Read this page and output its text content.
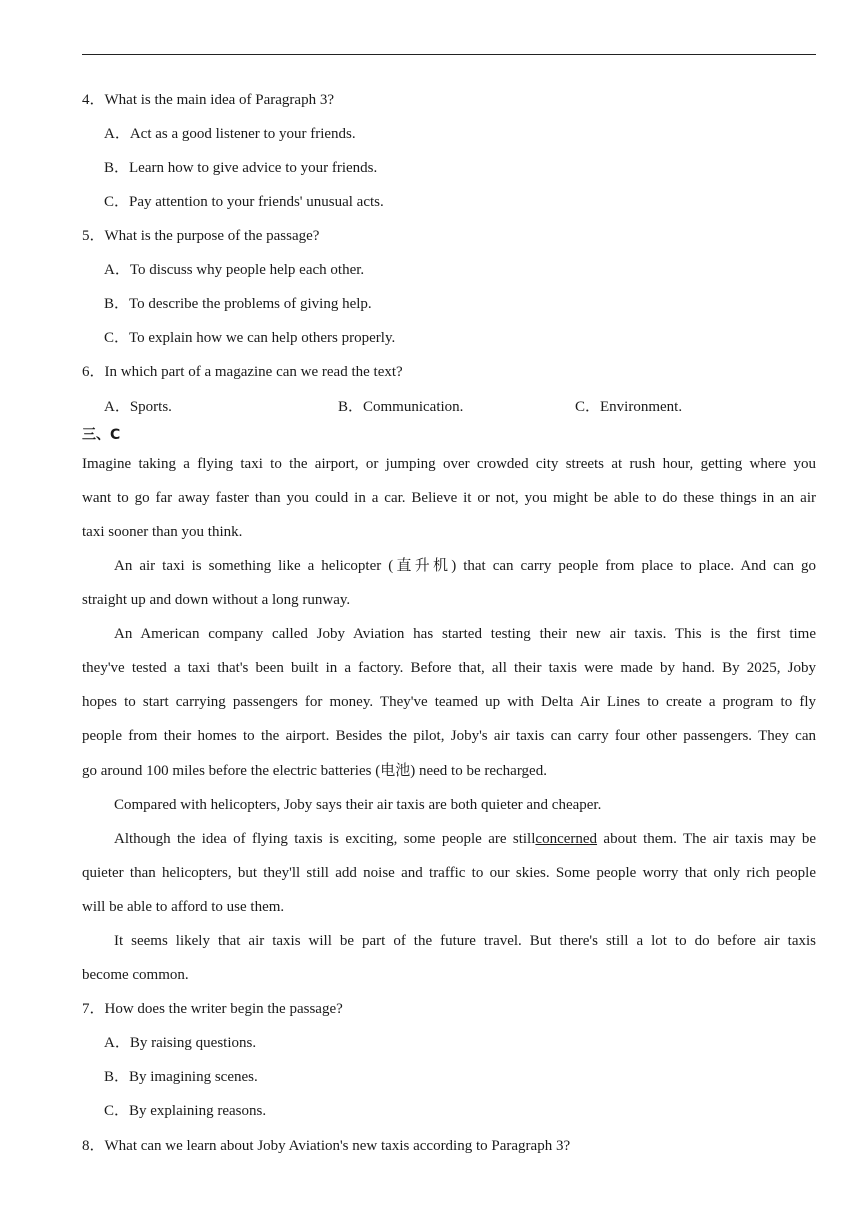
4．What is the main idea of Paragraph 3?
A．Act as a good listener to your friends.
B．Learn how to give advice to your friends.
C．Pay attention to your friends' unusual acts.
5．What is the purpose of the passage?
A．To discuss why people help each other.
B．To describe the problems of giving help.
C．To explain how we can help others properly.
6．In which part of a magazine can we read the text?
A．Sports.	B．Communication.	C．Environment.
三、C
Imagine taking a flying taxi to the airport, or jumping over crowded city streets at rush hour, getting where you
want to go far away faster than you could in a car. Believe it or not, you might be able to do these things in an air
taxi sooner than you think.
An air taxi is something like a helicopter (直升机) that can carry people from place to place. And can go
straight up and down without a long runway.
An American company called Joby Aviation has started testing their new air taxis. This is the first time
they've tested a taxi that's been built in a factory. Before that, all their taxis were made by hand. By 2025, Joby
hopes to start carrying passengers for money. They've teamed up with Delta Air Lines to create a program to fly
people from their homes to the airport. Besides the pilot, Joby's air taxis can carry four other passengers. They can
go around 100 miles before the electric batteries (电池) need to be recharged.
Compared with helicopters, Joby says their air taxis are both quieter and cheaper.
Although the idea of flying taxis is exciting, some people are stillconcerned about them. The air taxis may be
quieter than helicopters, but they'll still add noise and traffic to our skies. Some people worry that only rich people
will be able to afford to use them.
It seems likely that air taxis will be part of the future travel. But there's still a lot to do before air taxis
become common.
7．How does the writer begin the passage?
A．By raising questions.
B．By imagining scenes.
C．By explaining reasons.
8．What can we learn about Joby Aviation's new taxis according to Paragraph 3?
